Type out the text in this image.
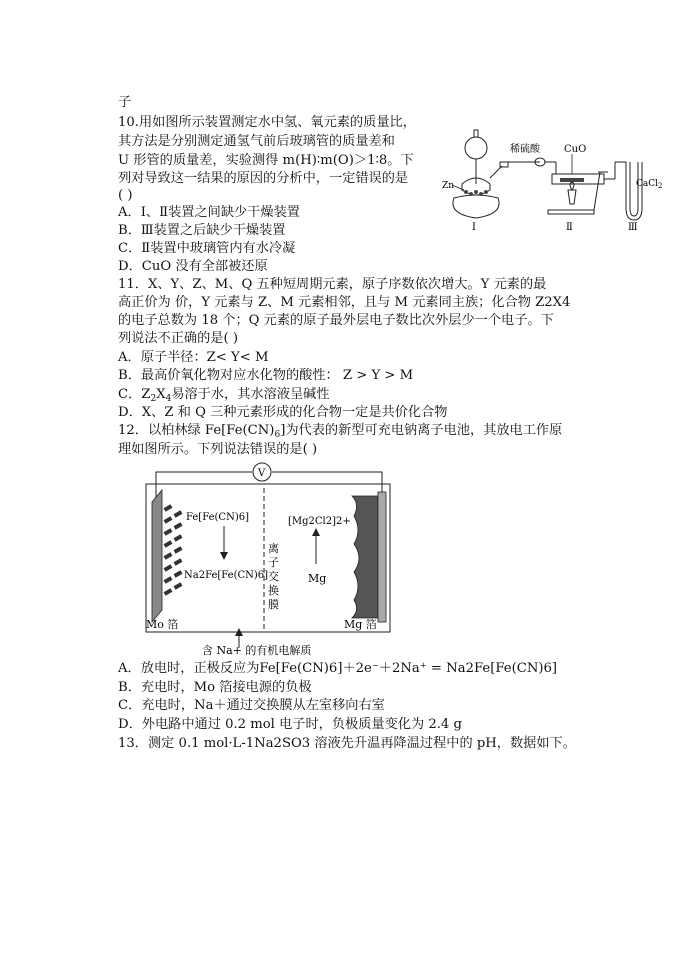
子
10.用如图所示装置测定水中氢、氧元素的质量比，
其方法是分别测定通氢气前后玻璃管的质量差和
U 形管的质量差，实验测得 m(H)∶m(O)＞1∶8。下
列对导致这一结果的原因的分析中，一定错误的是
( )
A．Ⅰ、Ⅱ装置之间缺少干燥装置
B．Ⅲ装置之后缺少干燥装置
C．Ⅱ装置中玻璃管内有水冷凝
D．CuO 没有全部被还原
稀硫酸
Zn
CuO
CaCl$_2$
Ⅰ	Ⅱ	Ⅲ
11．X、Y、Z、M、Q 五种短周期元素，原子序数依次增大。Y 元素的最
高正价为 价，Y 元素与 Z、M 元素相邻，且与 M 元素同主族；化合物 Z2X4
的电子总数为 18 个；Q 元素的原子最外层电子数比次外层少一个电子。下
列说法不正确的是( )
A．原子半径：Z< Y< M
B．最高价氧化物对应水化物的酸性： Z > Y > M
C．$Z_2X_4$易溶于水，其水溶液呈碱性
D．X、Z 和 Q 三种元素形成的化合物一定是共价化合物
12．以柏林绿 $Fe[Fe(CN)_6]$为代表的新型可充电钠离子电池，其放电工作原
理如图所示。下列说法错误的是( )
V
Fe[Fe(CN)6]
Na2Fe[Fe(CN)6]
[Mg2Cl2]2+
Mg
离
子
交
换
膜
Mo 箔	Mg 箔
含 Na+ 的有机电解质
A．放电时，正极反应为Fe[Fe(CN)6]＋2e⁻＋2Na⁺ = Na2Fe[Fe(CN)6]
B．充电时，Mo 箔接电源的负极
C．充电时，Na＋通过交换膜从左室移向右室
D．外电路中通过 0.2 mol 电子时，负极质量变化为 2.4 g
13．测定 0.1 mol·L-1Na2SO3 溶液先升温再降温过程中的 pH，数据如下。
